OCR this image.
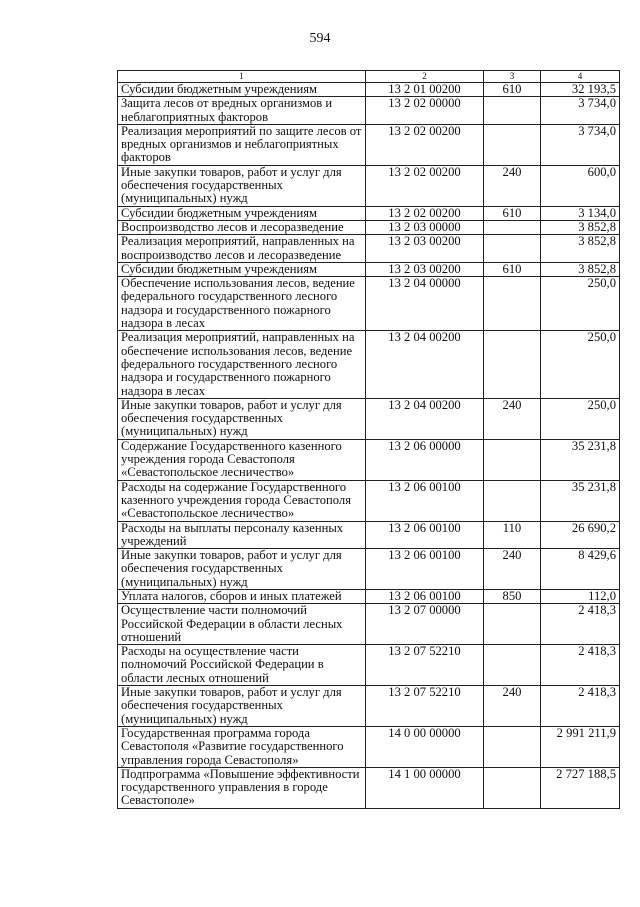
594
1	2	3	4
Субсидии бюджетным учреждениям	13 2 01 00200	610	32 193,5
Защита лесов от вредных организмов и неблагоприятных факторов	13 2 02 00000		3 734,0
Реализация мероприятий по защите лесов от вредных организмов и неблагоприятных факторов	13 2 02 00200		3 734,0
Иные закупки товаров, работ и услуг для обеспечения государственных (муниципальных) нужд	13 2 02 00200	240	600,0
Субсидии бюджетным учреждениям	13 2 02 00200	610	3 134,0
Воспроизводство лесов и лесоразведение	13 2 03 00000		3 852,8
Реализация мероприятий, направленных на воспроизводство лесов и лесоразведение	13 2 03 00200		3 852,8
Субсидии бюджетным учреждениям	13 2 03 00200	610	3 852,8
Обеспечение использования лесов, ведение федерального государственного лесного надзора и государственного пожарного надзора в лесах	13 2 04 00000		250,0
Реализация мероприятий, направленных на обеспечение использования лесов, ведение федерального государственного лесного надзора и государственного пожарного надзора в лесах	13 2 04 00200		250,0
Иные закупки товаров, работ и услуг для обеспечения государственных (муниципальных) нужд	13 2 04 00200	240	250,0
Содержание Государственного казенного учреждения города Севастополя «Севастопольское лесничество»	13 2 06 00000		35 231,8
Расходы на содержание Государственного казенного учреждения города Севастополя «Севастопольское лесничество»	13 2 06 00100		35 231,8
Расходы на выплаты персоналу казенных учреждений	13 2 06 00100	110	26 690,2
Иные закупки товаров, работ и услуг для обеспечения государственных (муниципальных) нужд	13 2 06 00100	240	8 429,6
Уплата налогов, сборов и иных платежей	13 2 06 00100	850	112,0
Осуществление части полномочий Российской Федерации в области лесных отношений	13 2 07 00000		2 418,3
Расходы на осуществление части полномочий Российской Федерации в области лесных отношений	13 2 07 52210		2 418,3
Иные закупки товаров, работ и услуг для обеспечения государственных (муниципальных) нужд	13 2 07 52210	240	2 418,3
Государственная программа города Севастополя «Развитие государственного управления города Севастополя»	14 0 00 00000		2 991 211,9
Подпрограмма «Повышение эффективности государственного управления в городе Севастополе»	14 1 00 00000		2 727 188,5
